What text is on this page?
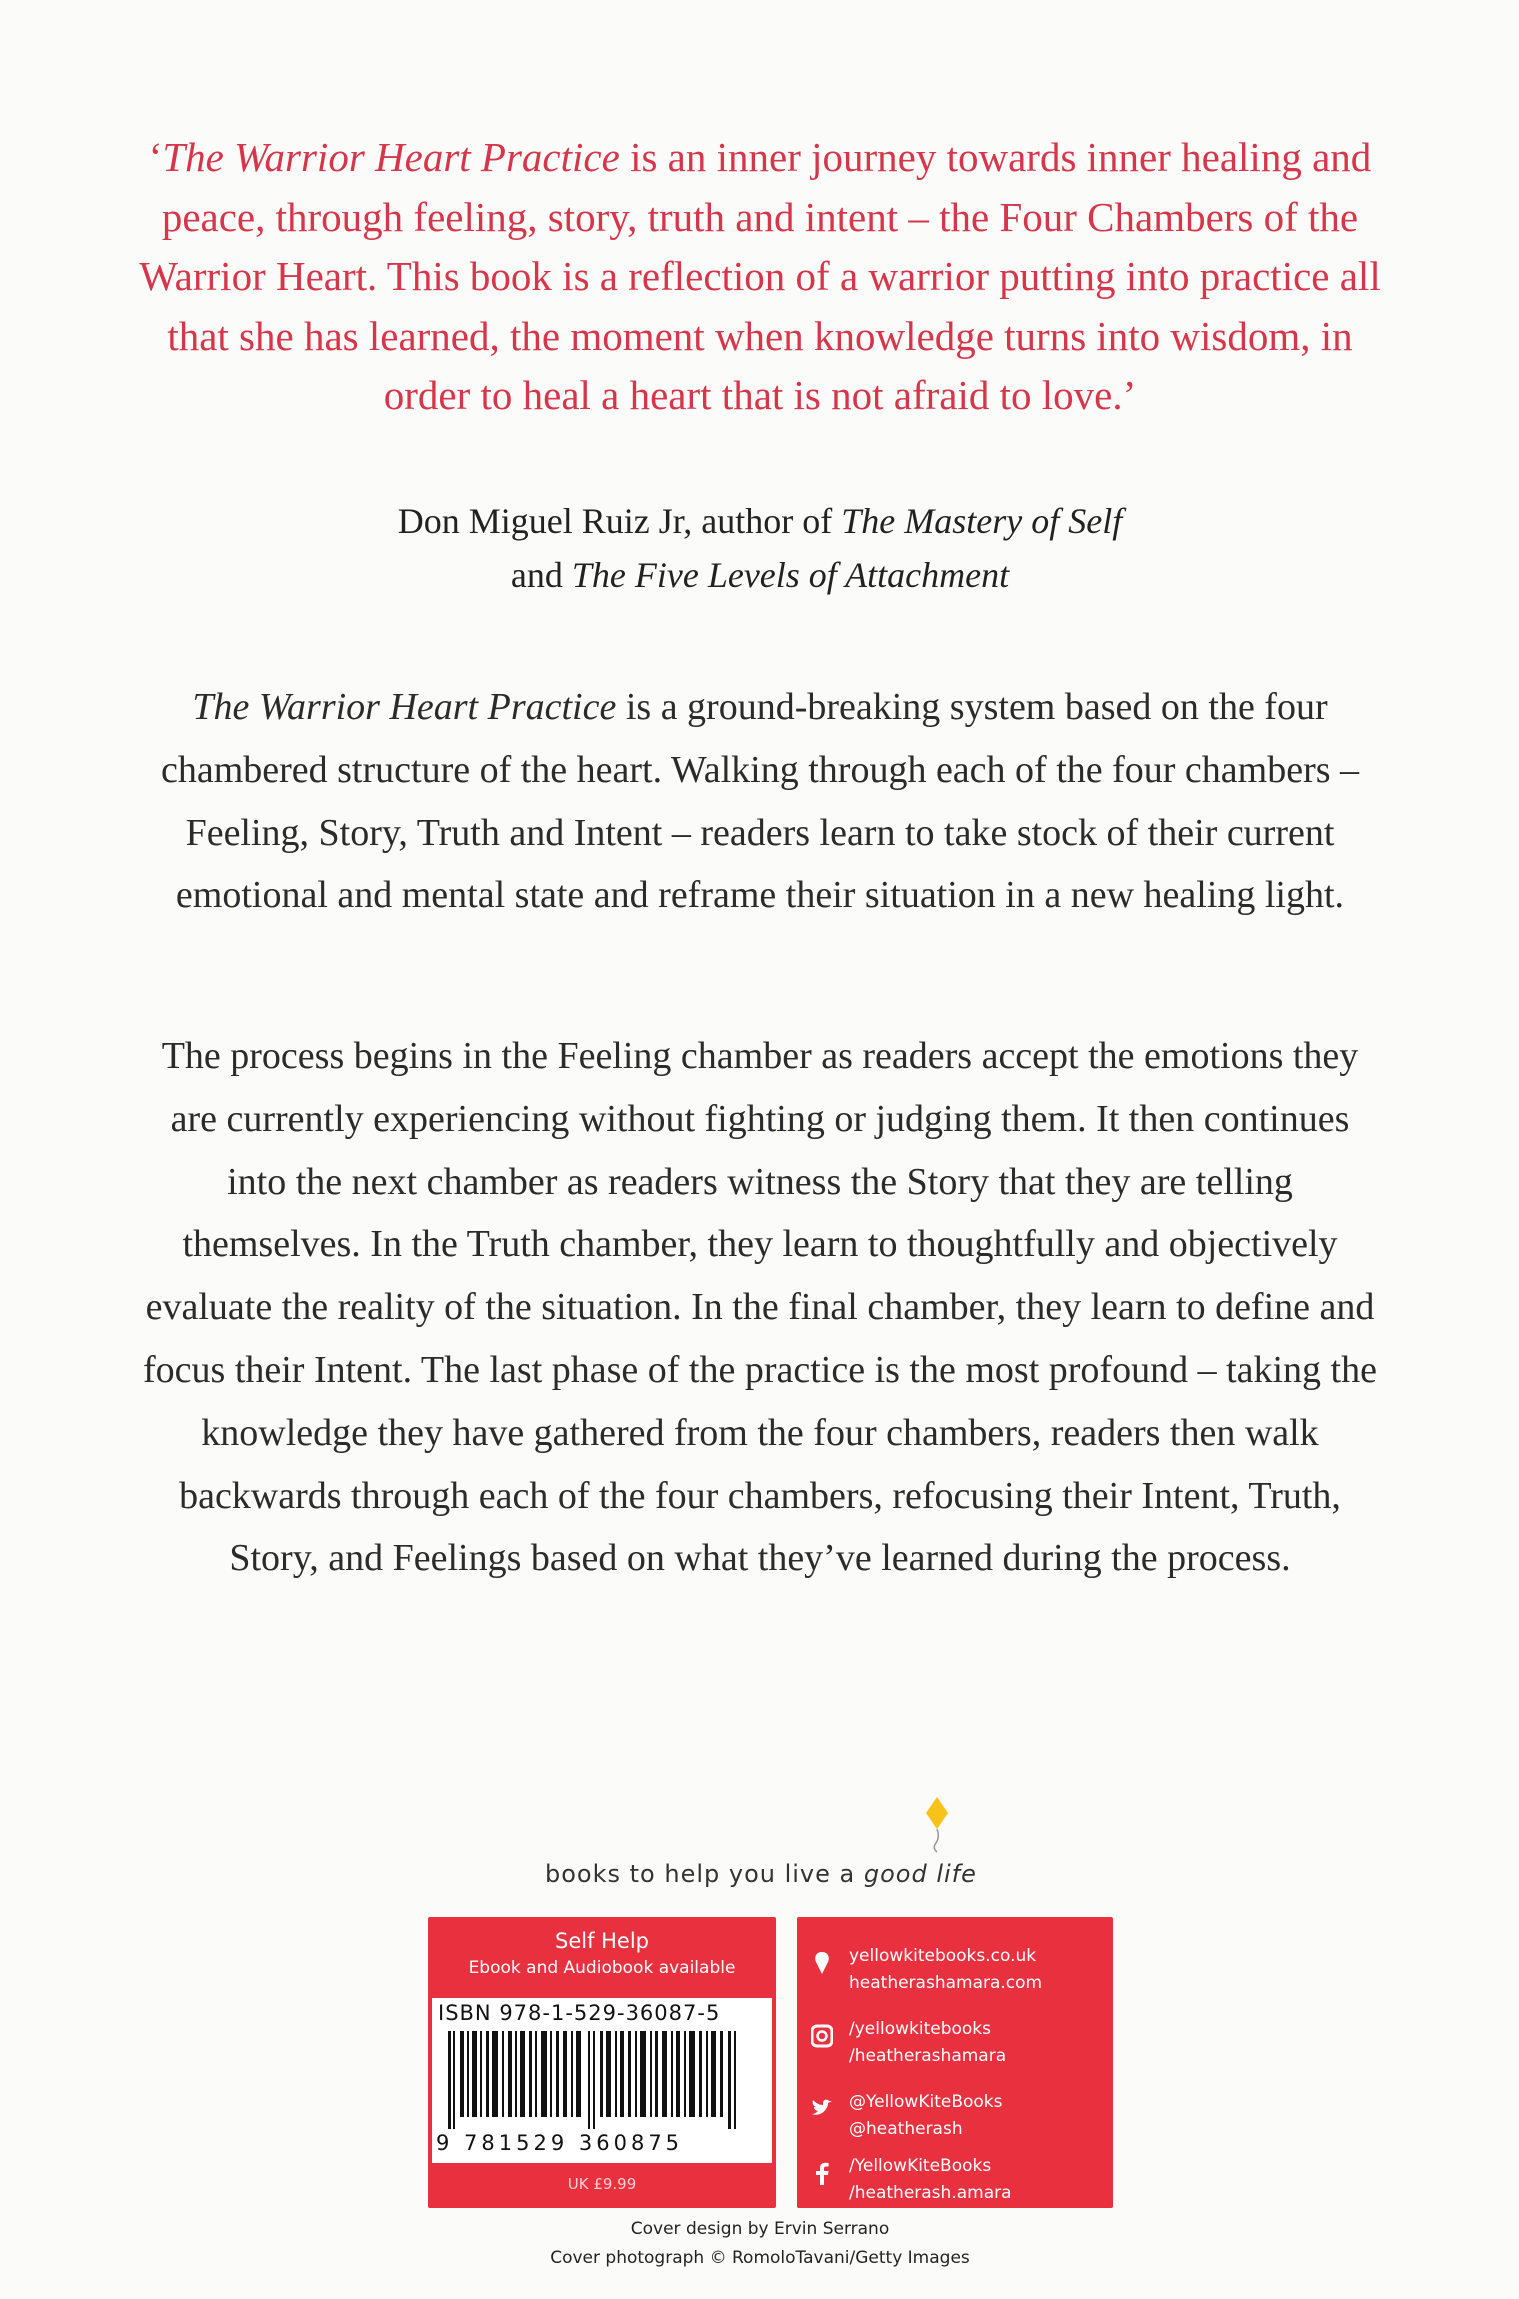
‘The Warrior Heart Practice is an inner journey towards inner healing and peace, through feeling, story, truth and intent – the Four Chambers of the Warrior Heart. This book is a reflection of a warrior putting into practice all that she has learned, the moment when knowledge turns into wisdom, in order to heal a heart that is not afraid to love.’
Don Miguel Ruiz Jr, author of The Mastery of Self
and The Five Levels of Attachment
The Warrior Heart Practice is a ground-breaking system based on the four chambered structure of the heart. Walking through each of the four chambers – Feeling, Story, Truth and Intent – readers learn to take stock of their current emotional and mental state and reframe their situation in a new healing light.
The process begins in the Feeling chamber as readers accept the emotions they are currently experiencing without fighting or judging them. It then continues into the next chamber as readers witness the Story that they are telling themselves. In the Truth chamber, they learn to thoughtfully and objectively evaluate the reality of the situation. In the final chamber, they learn to define and focus their Intent. The last phase of the practice is the most profound – taking the knowledge they have gathered from the four chambers, readers then walk backwards through each of the four chambers, refocusing their Intent, Truth, Story, and Feelings based on what they’ve learned during the process.
books to help you live a good life
Self Help
Ebook and Audiobook available
ISBN 978-1-529-36087-5
9 781529 360875
UK £9.99
yellowkitebooks.co.uk
heatherashamara.com
/yellowkitebooks
/heatherashamara
@YellowKiteBooks
@heatherash
/YellowKiteBooks
/heatherash.amara
Cover design by Ervin Serrano
Cover photograph © RomoloTavani/Getty Images
